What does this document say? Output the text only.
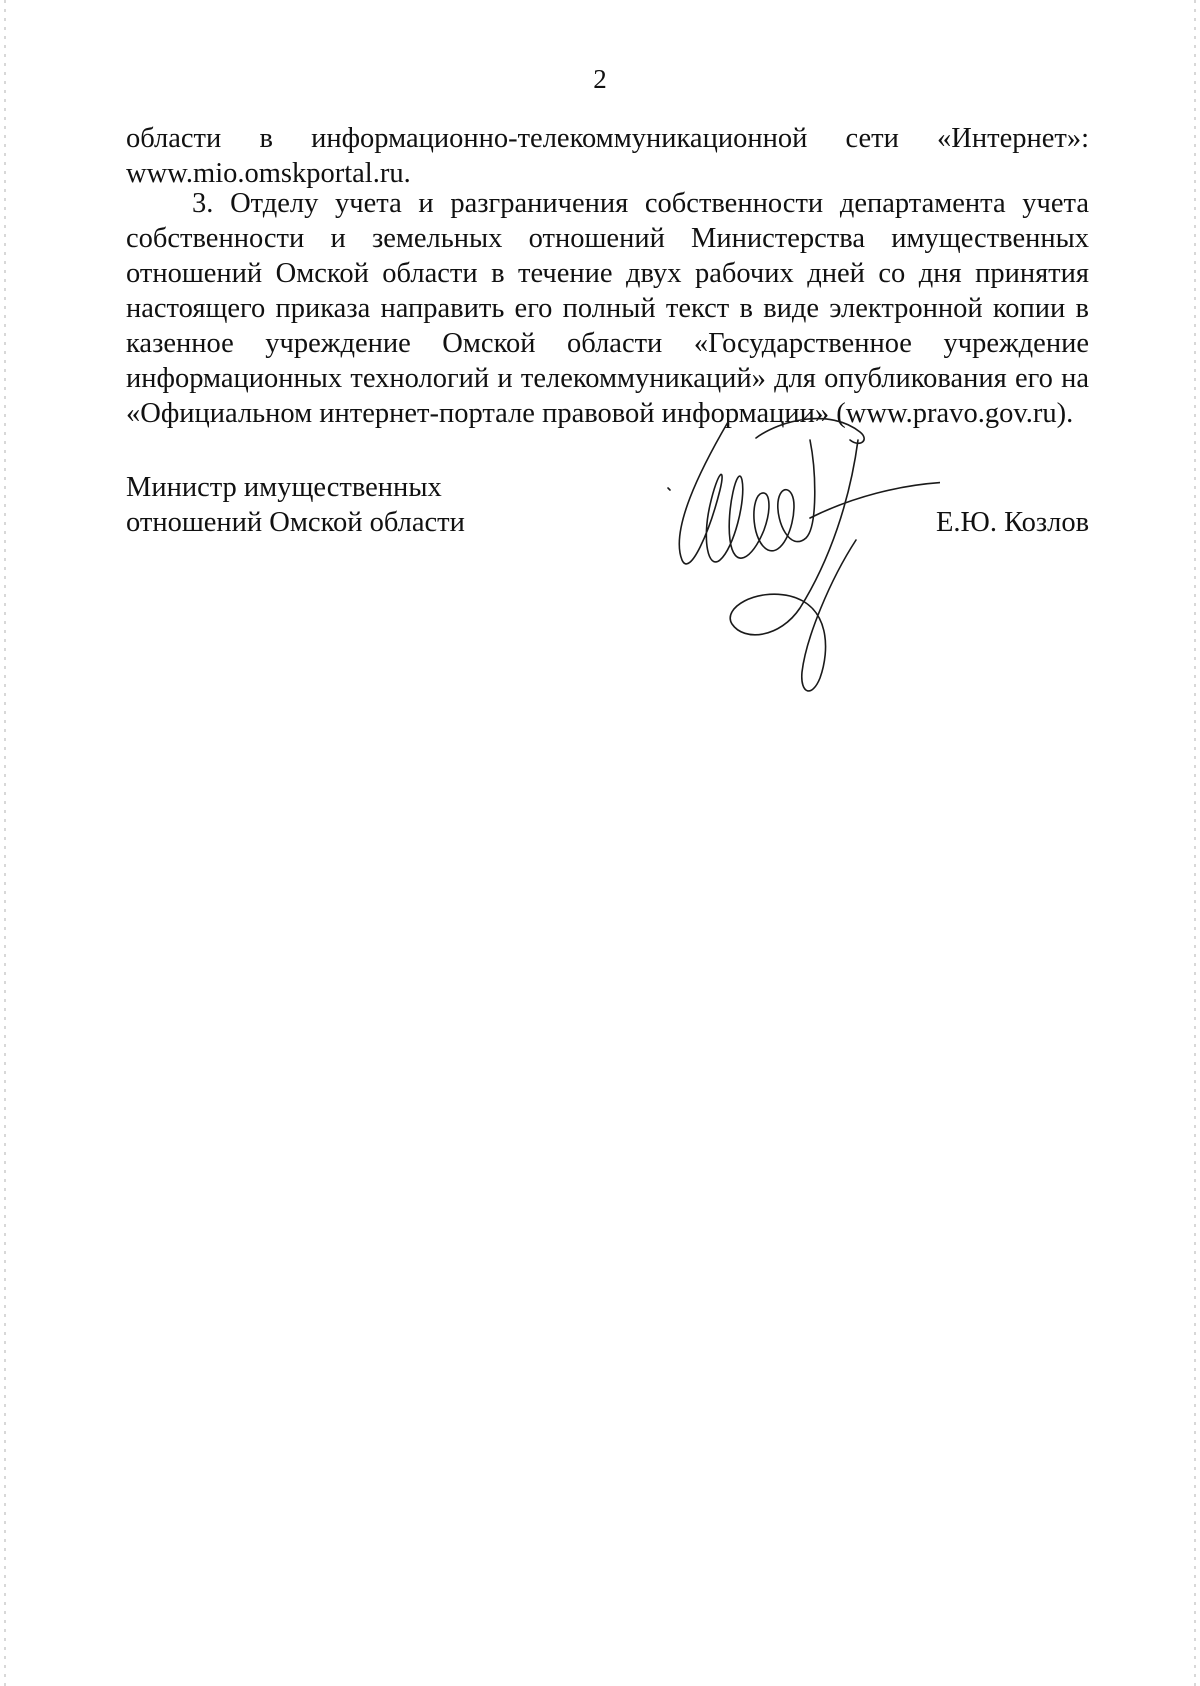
2
области в информационно-телекоммуникационной сети «Интернет»:
www.mio.omskportal.ru.
3. Отделу учета и разграничения собственности департамента учета
собственности и земельных отношений Министерства имущественных
отношений Омской области в течение двух рабочих дней со дня принятия
настоящего приказа направить его полный текст в виде электронной копии в
казенное учреждение Омской области «Государственное учреждение
информационных технологий и телекоммуникаций» для опубликования его на
«Официальном интернет-портале правовой информации» (www.pravo.gov.ru).
Министр имущественных
отношений Омской области	Е.Ю. Козлов
